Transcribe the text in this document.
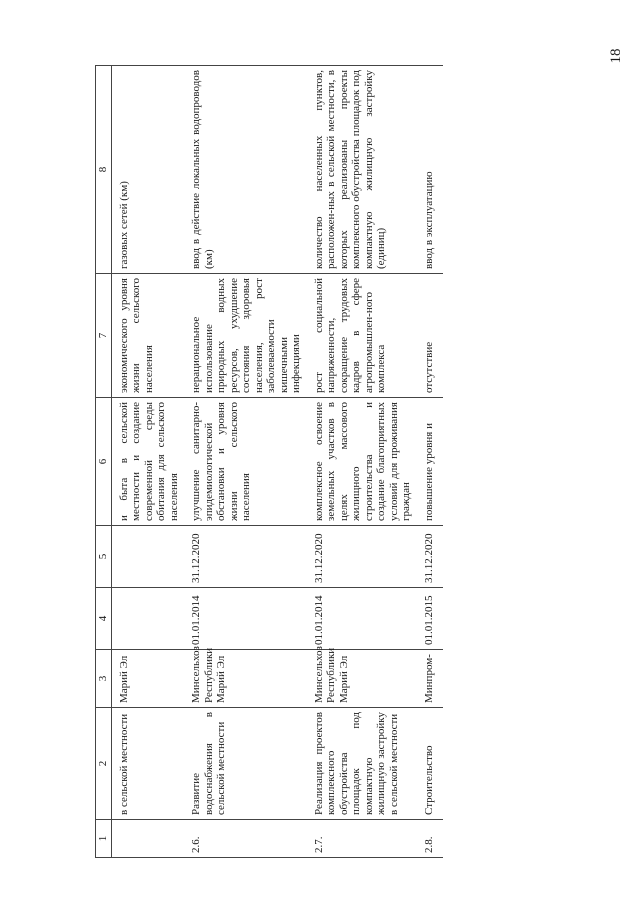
18
1	2	3	4	5	6	7	8
	в сельской местности	Марий Эл			и быта в сельской местности и создание современной среды обитания для сельского населения	экономического уровня жизни сельского населения	газовых сетей (км)
2.6.	Развитие водоснабжения в сельской местности	Минсельхоз Республики Марий Эл	01.01.2014	31.12.2020	улучшение санитарно-эпидемиологической обстановки и уровня жизни сельского населения	нерациональное использование природных водных ресурсов, ухудшение состояния здоровья населения, рост заболеваемости кишечными инфекциями	ввод в действие локальных водопроводов (км)
2.7.	Реализация проектов комплексного обустройства площадок под компактную жилищную застройку в сельской местности	Минсельхоз Республики Марий Эл	01.01.2014	31.12.2020	комплексное освоение земельных участков в целях массового жилищного строительства и создание благоприятных условий для проживания граждан	рост социальной напряженности, сокращение трудовых кадров в сфере агропромышлен-ного комплекса	количество населенных пунктов, расположен-ных в сельской местности, в которых реализованы проекты комплексного обустройства площадок под компактную жилищную застройку (единиц)
2.8.	Строительство	Минпром-	01.01.2015	31.12.2020	повышение уровня и	отсутствие	ввод в эксплуатацию
